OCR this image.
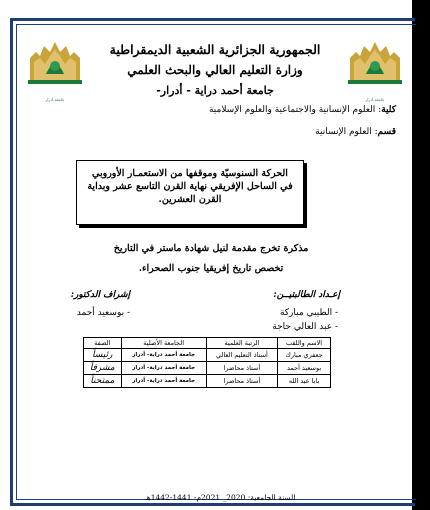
جامعة أدرار	جامعة أدرار
الجمهورية الجزائرية الشعبية الديمقراطية
وزارة التعليم العالي والبحث العلمي
جامعة أحمد دراية - أدرار-
كلية: العلوم الإنسانية والاجتماعية والعلوم الإسلامية
قسم: العلوم الإنسانية
الحركة السنوسيّة وموقفها من الاستعمـار الأوروبي
في الساحل الإفريقي نهاية القرن التاسع عشر وبداية
القرن العشرين.
مذكرة تخرج مقدمة لنيل شهادة ماستر في التاريخ
تخصص تاريخ إفريقيا جنوب الصحراء.
إعـداد الطالبتيــن:
إشراف الدكتور:
- الطيبي مباركة
- عبد العالي حاجة
- بوسعيد أحمد
الاسم واللقب	الرتبة العلمية	الجامعة الأصلية	الصفة
جعفري مبارك	أستاذ التعليم العالي	جامعة أحمد دراية- أدرار	رئيساً
بوسعيد أحمد	أستاذ محاضرا	جامعة أحمد دراية- أدرار	مشرفاً
بابا عبد الله	أستاذ محاضرا	جامعة أحمد دراية- أدرار	ممتحناً
السنة الجامعية: 2020_ 2021م- 1441-1442هـ
